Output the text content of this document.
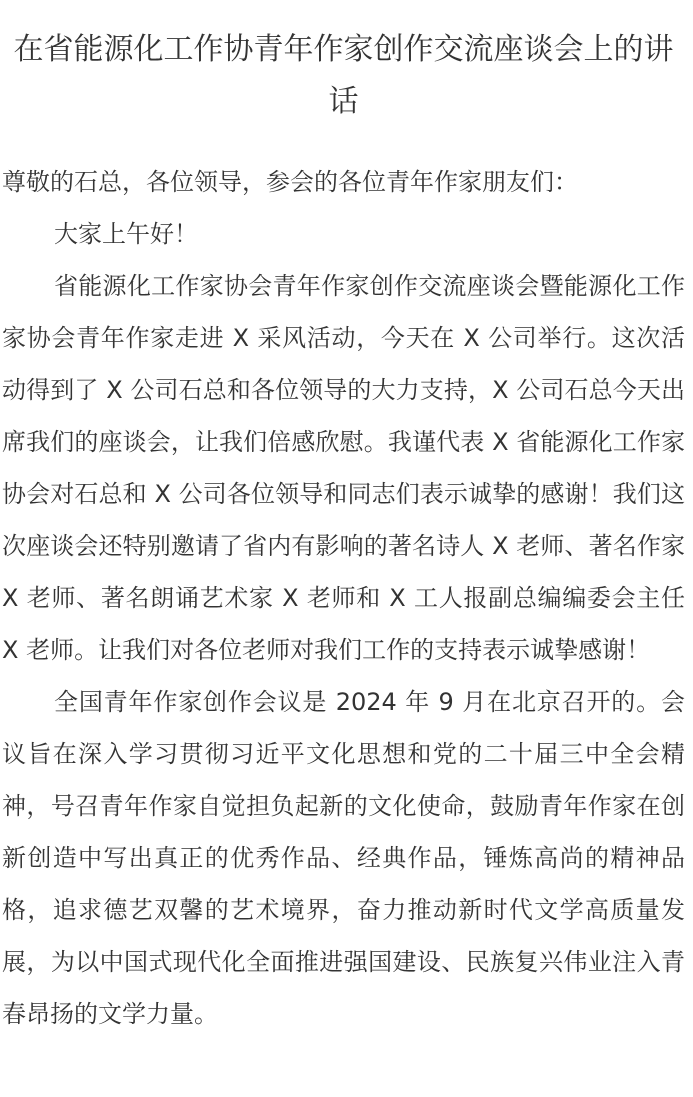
在省能源化工作协青年作家创作交流座谈会上的讲话

尊敬的石总，各位领导，参会的各位青年作家朋友们：

大家上午好！

省能源化工作家协会青年作家创作交流座谈会暨能源化工作家协会青年作家走进 X 采风活动，今天在 X 公司举行。这次活动得到了 X 公司石总和各位领导的大力支持，X 公司石总今天出席我们的座谈会，让我们倍感欣慰。我谨代表 X 省能源化工作家协会对石总和 X 公司各位领导和同志们表示诚挚的感谢！我们这次座谈会还特别邀请了省内有影响的著名诗人 X 老师、著名作家 X 老师、著名朗诵艺术家 X 老师和 X 工人报副总编编委会主任 X 老师。让我们对各位老师对我们工作的支持表示诚挚感谢！

全国青年作家创作会议是 2024 年 9 月在北京召开的。会议旨在深入学习贯彻习近平文化思想和党的二十届三中全会精神，号召青年作家自觉担负起新的文化使命，鼓励青年作家在创新创造中写出真正的优秀作品、经典作品，锤炼高尚的精神品格，追求德艺双馨的艺术境界，奋力推动新时代文学高质量发展，为以中国式现代化全面推进强国建设、民族复兴伟业注入青春昂扬的文学力量。
